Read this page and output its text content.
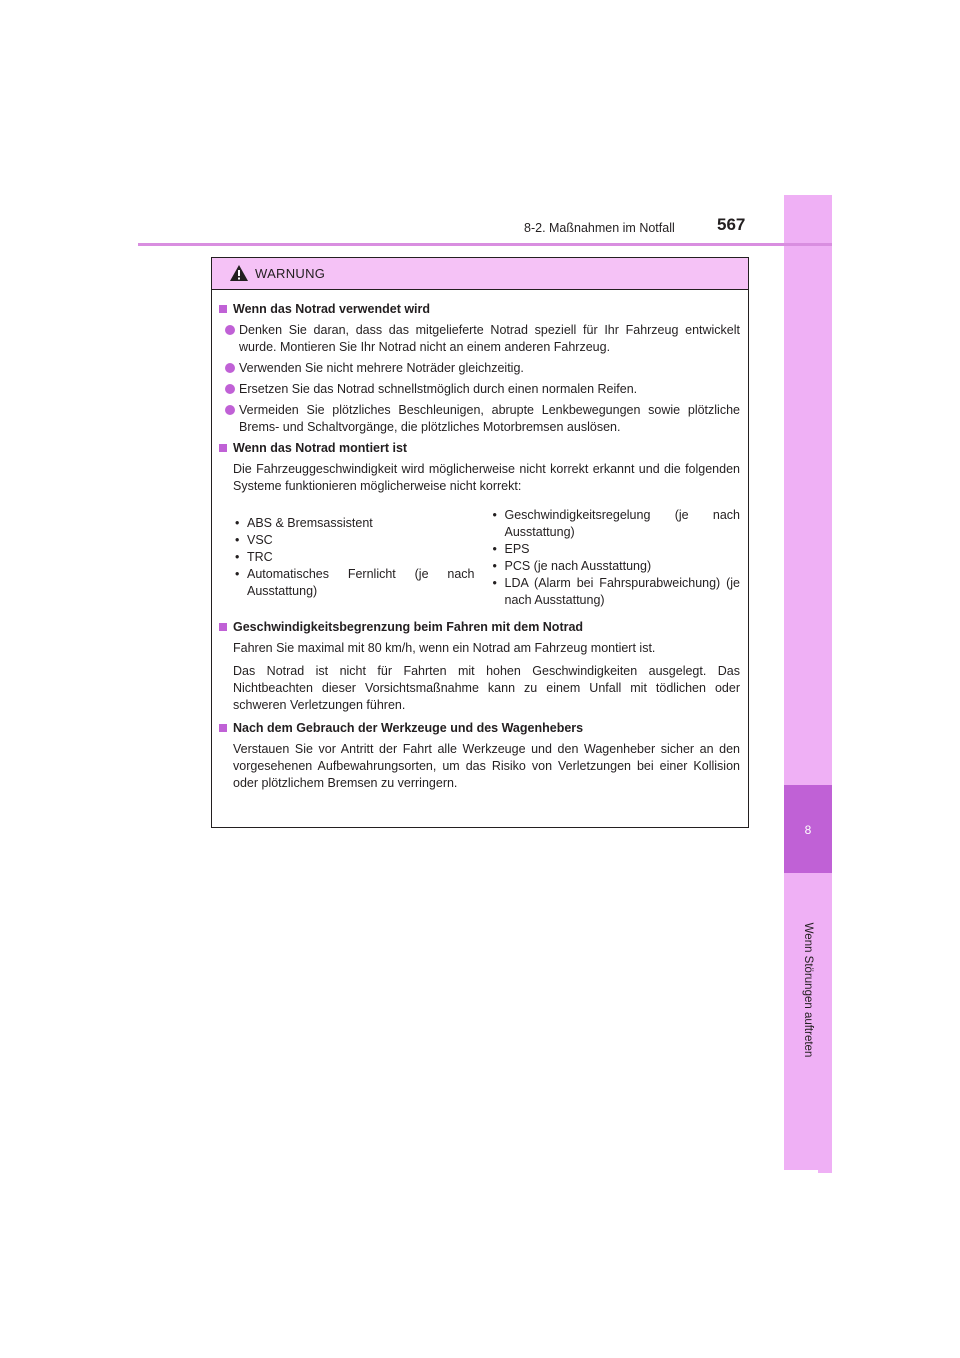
8
Wenn Störungen auftreten
8-2. Maßnahmen im Notfall 567
WARNUNG
Wenn das Notrad verwendet wird
Denken Sie daran, dass das mitgelieferte Notrad speziell für Ihr Fahrzeug entwickelt wurde. Montieren Sie Ihr Notrad nicht an einem anderen Fahrzeug.
Verwenden Sie nicht mehrere Noträder gleichzeitig.
Ersetzen Sie das Notrad schnellstmöglich durch einen normalen Reifen.
Vermeiden Sie plötzliches Beschleunigen, abrupte Lenkbewegungen sowie plötzliche Brems- und Schaltvorgänge, die plötzliches Motorbremsen auslösen.
Wenn das Notrad montiert ist
Die Fahrzeuggeschwindigkeit wird möglicherweise nicht korrekt erkannt und die folgenden Systeme funktionieren möglicherweise nicht korrekt:
• ABS & Bremsassistent
• VSC
• TRC
• Automatisches Fernlicht (je nach Ausstattung)
• Geschwindigkeitsregelung (je nach Ausstattung)
• EPS
• PCS (je nach Ausstattung)
• LDA (Alarm bei Fahrspurabweichung) (je nach Ausstattung)
Geschwindigkeitsbegrenzung beim Fahren mit dem Notrad
Fahren Sie maximal mit 80 km/h, wenn ein Notrad am Fahrzeug montiert ist.
Das Notrad ist nicht für Fahrten mit hohen Geschwindigkeiten ausgelegt. Das Nichtbeachten dieser Vorsichtsmaßnahme kann zu einem Unfall mit tödlichen oder schweren Verletzungen führen.
Nach dem Gebrauch der Werkzeuge und des Wagenhebers
Verstauen Sie vor Antritt der Fahrt alle Werkzeuge und den Wagenheber sicher an den vorgesehenen Aufbewahrungsorten, um das Risiko von Verletzungen bei einer Kollision oder plötzlichem Bremsen zu verringern.
